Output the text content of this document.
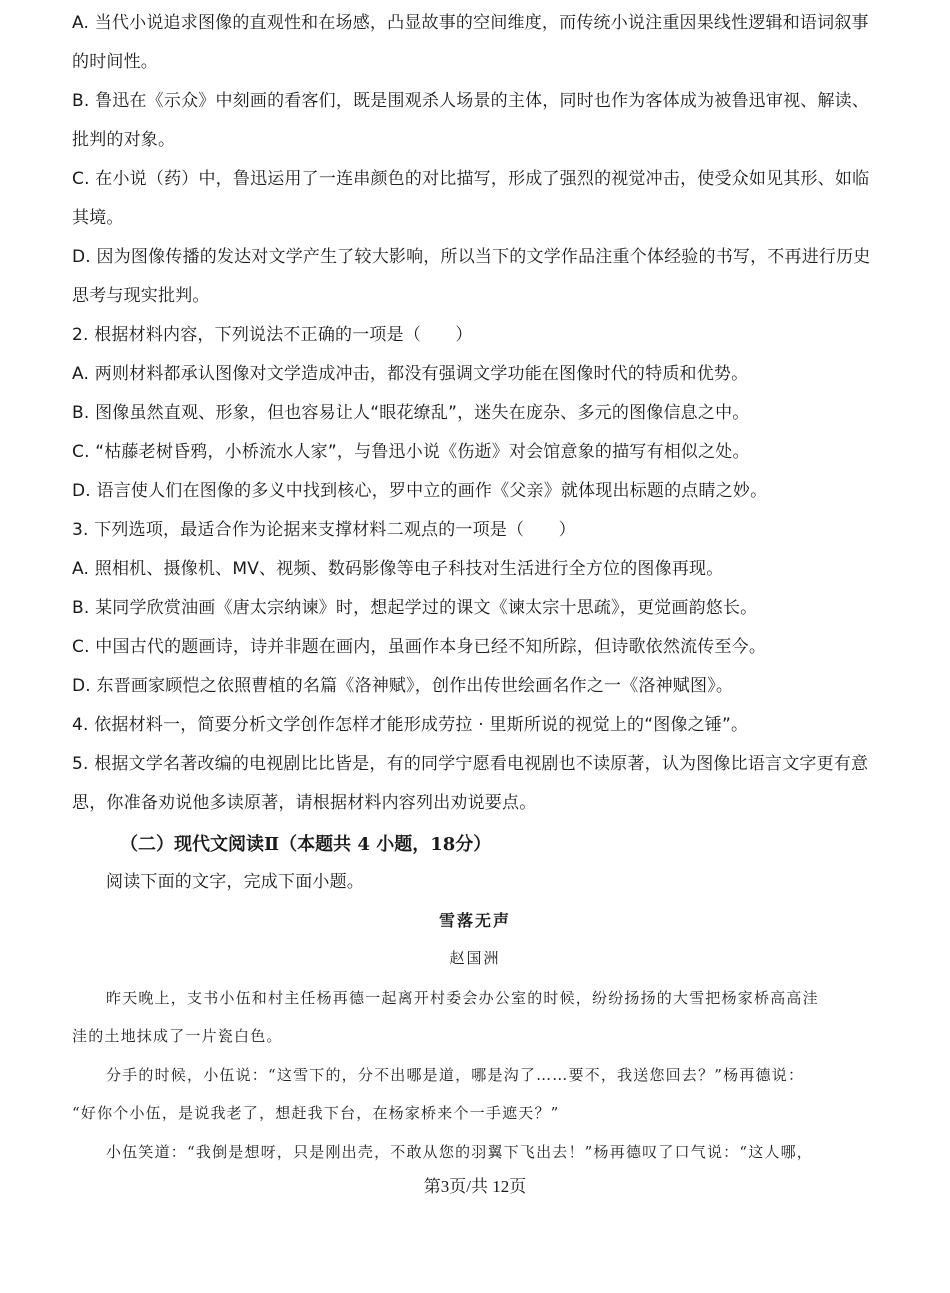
A. 当代小说追求图像的直观性和在场感，凸显故事的空间维度，而传统小说注重因果线性逻辑和语词叙事
的时间性。
B. 鲁迅在《示众》中刻画的看客们，既是围观杀人场景的主体，同时也作为客体成为被鲁迅审视、解读、
批判的对象。
C. 在小说（药）中，鲁迅运用了一连串颜色的对比描写，形成了强烈的视觉冲击，使受众如见其形、如临
其境。
D. 因为图像传播的发达对文学产生了较大影响，所以当下的文学作品注重个体经验的书写，不再进行历史
思考与现实批判。
2. 根据材料内容，下列说法不正确的一项是（　　）
A. 两则材料都承认图像对文学造成冲击，都没有强调文学功能在图像时代的特质和优势。
B. 图像虽然直观、形象，但也容易让人“眼花缭乱”，迷失在庞杂、多元的图像信息之中。
C. “枯藤老树昏鸦，小桥流水人家”，与鲁迅小说《伤逝》对会馆意象的描写有相似之处。
D. 语言使人们在图像的多义中找到核心，罗中立的画作《父亲》就体现出标题的点睛之妙。
3. 下列选项，最适合作为论据来支撑材料二观点的一项是（　　）
A. 照相机、摄像机、MV、视频、数码影像等电子科技对生活进行全方位的图像再现。
B. 某同学欣赏油画《唐太宗纳谏》时，想起学过的课文《谏太宗十思疏》，更觉画韵悠长。
C. 中国古代的题画诗，诗并非题在画内，虽画作本身已经不知所踪，但诗歌依然流传至今。
D. 东晋画家顾恺之依照曹植的名篇《洛神赋》，创作出传世绘画名作之一《洛神赋图》。
4. 依据材料一，简要分析文学创作怎样才能形成劳拉 · 里斯所说的视觉上的“图像之锤”。
5. 根据文学名著改编的电视剧比比皆是，有的同学宁愿看电视剧也不读原著，认为图像比语言文字更有意
思，你准备劝说他多读原著，请根据材料内容列出劝说要点。
（二）现代文阅读Ⅱ（本题共 4 小题，18分）
阅读下面的文字，完成下面小题。
雪落无声
赵国洲
昨天晚上，支书小伍和村主任杨再德一起离开村委会办公室的时候，纷纷扬扬的大雪把杨家桥高高洼
洼的土地抹成了一片瓷白色。
分手的时候，小伍说：“这雪下的，分不出哪是道，哪是沟了……要不，我送您回去？”杨再德说：
“好你个小伍，是说我老了，想赶我下台，在杨家桥来个一手遮天？”
小伍笑道：“我倒是想呀，只是刚出壳，不敢从您的羽翼下飞出去！”杨再德叹了口气说：“这人哪，
第3页/共 12页
